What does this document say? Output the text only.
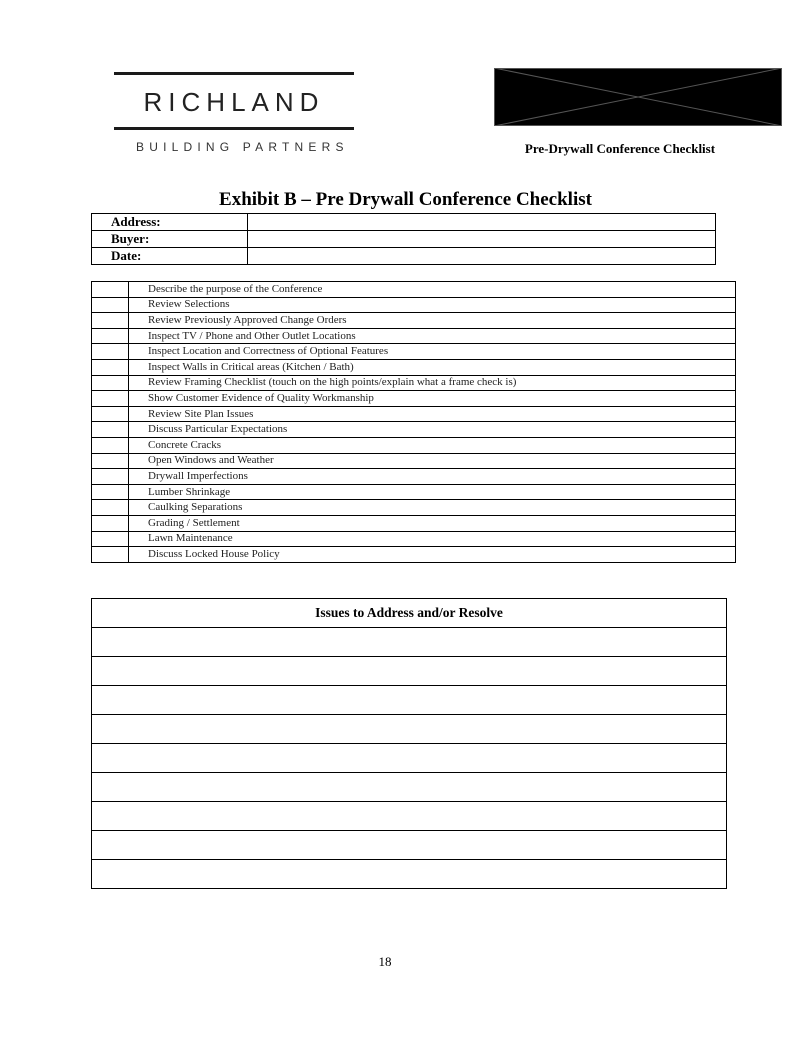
RICHLAND
BUILDING PARTNERS	Pre-Drywall Conference Checklist
Exhibit B – Pre Drywall Conference Checklist
Address:	
Buyer:	
Date:	
	Describe the purpose of the Conference
	Review Selections
	Review Previously Approved Change Orders
	Inspect TV / Phone and Other Outlet Locations
	Inspect Location and Correctness of Optional Features
	Inspect Walls in Critical areas (Kitchen / Bath)
	Review Framing Checklist (touch on the high points/explain what a frame check is)
	Show Customer Evidence of Quality Workmanship
	Review Site Plan Issues
	Discuss Particular Expectations
	Concrete Cracks
	Open Windows and Weather
	Drywall Imperfections
	Lumber Shrinkage
	Caulking Separations
	Grading / Settlement
	Lawn Maintenance
	Discuss Locked House Policy
Issues to Address and/or Resolve

18
